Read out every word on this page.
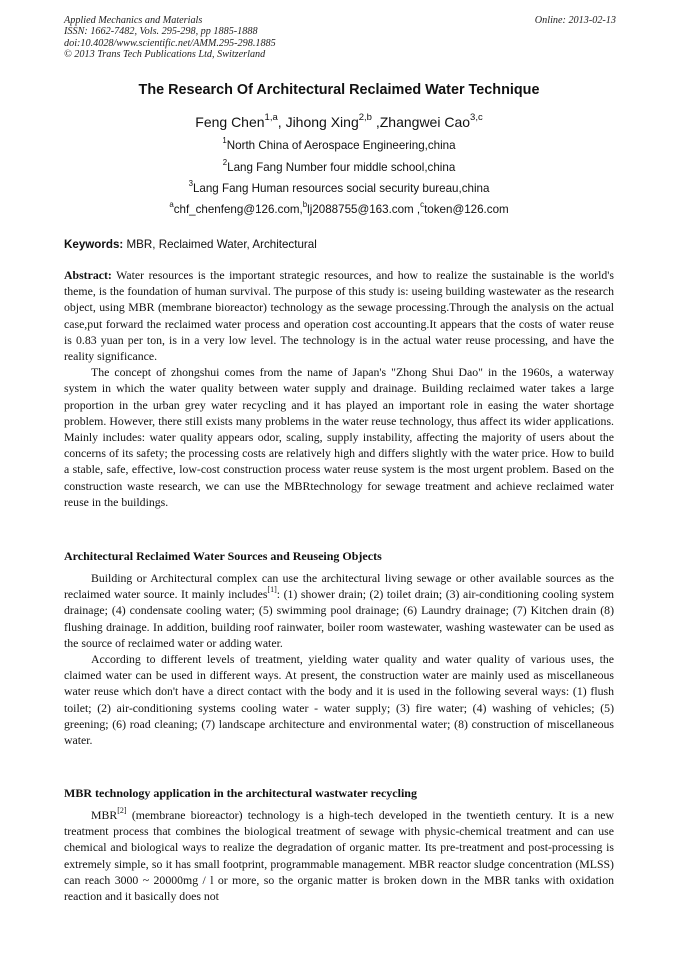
Applied Mechanics and Materials
ISSN: 1662-7482, Vols. 295-298, pp 1885-1888
doi:10.4028/www.scientific.net/AMM.295-298.1885
© 2013 Trans Tech Publications Ltd, Switzerland
Online: 2013-02-13
The Research Of Architectural Reclaimed Water Technique
Feng Chen$^{1,a}$, Jihong Xing$^{2,b}$ ,Zhangwei Cao$^{3,c}$
$^1$North China of Aerospace Engineering,china
$^2$Lang Fang Number four middle school,china
$^3$Lang Fang Human resources social security bureau,china
$^a$chf_chenfeng@126.com,$^b$lj2088755@163.com ,$^c$token@126.com
Keywords: MBR, Reclaimed Water, Architectural

Abstract: Water resources is the important strategic resources, and how to realize the sustainable is the world's theme, is the foundation of human survival. The purpose of this study is: useing building wastewater as the research object, using MBR (membrane bioreactor) technology as the sewage processing.Through the analysis on the actual case,put forward the reclaimed water process and operation cost accounting.It appears that the costs of water reuse is 0.83 yuan per ton, is in a very low level. The technology is in the actual water reuse processing, and have the reality significance.

The concept of zhongshui comes from the name of Japan's "Zhong Shui Dao" in the 1960s, a waterway system in which the water quality between water supply and drainage. Building reclaimed water takes a large proportion in the urban grey water recycling and it has played an important role in easing the water shortage problem. However, there still exists many problems in the water reuse technology, thus affect its wider applications. Mainly includes: water quality appears odor, scaling, supply instability, affecting the majority of users about the concerns of its safety; the processing costs are relatively high and differs slightly with the water price. How to build a stable, safe, effective, low-cost construction process water reuse system is the most urgent problem. Based on the construction waste research, we can use the MBRtechnology for sewage treatment and achieve reclaimed water reuse in the buildings.

Architectural Reclaimed Water Sources and Reuseing Objects

Building or Architectural complex can use the architectural living sewage or other available sources as the reclaimed water source. It mainly includes[1]: (1) shower drain; (2) toilet drain; (3) air-conditioning cooling system drainage; (4) condensate cooling water; (5) swimming pool drainage; (6) Laundry drainage; (7) Kitchen drain (8) flushing drainage. In addition, building roof rainwater, boiler room wastewater, washing wastewater can be used as the source of reclaimed water or adding water.

According to different levels of treatment, yielding water quality and water quality of various uses, the claimed water can be used in different ways. At present, the construction water are mainly used as miscellaneous water reuse which don't have a direct contact with the body and it is used in the following several ways: (1) flush toilet; (2) air-conditioning systems cooling water - water supply; (3) fire water; (4) washing of vehicles; (5) greening; (6) road cleaning; (7) landscape architecture and environmental water; (8) construction of miscellaneous water.

MBR technology application in the architectural wastwater recycling

MBR[2] (membrane bioreactor) technology is a high-tech developed in the twentieth century. It is a new treatment process that combines the biological treatment of sewage with physic-chemical treatment and can use chemical and biological ways to realize the degradation of organic matter. Its pre-treatment and post-processing is extremely simple, so it has small footprint, programmable management. MBR reactor sludge concentration (MLSS) can reach 3000 ~ 20000mg / l or more, so the organic matter is broken down in the MBR tanks with oxidation reaction and it basically does not
